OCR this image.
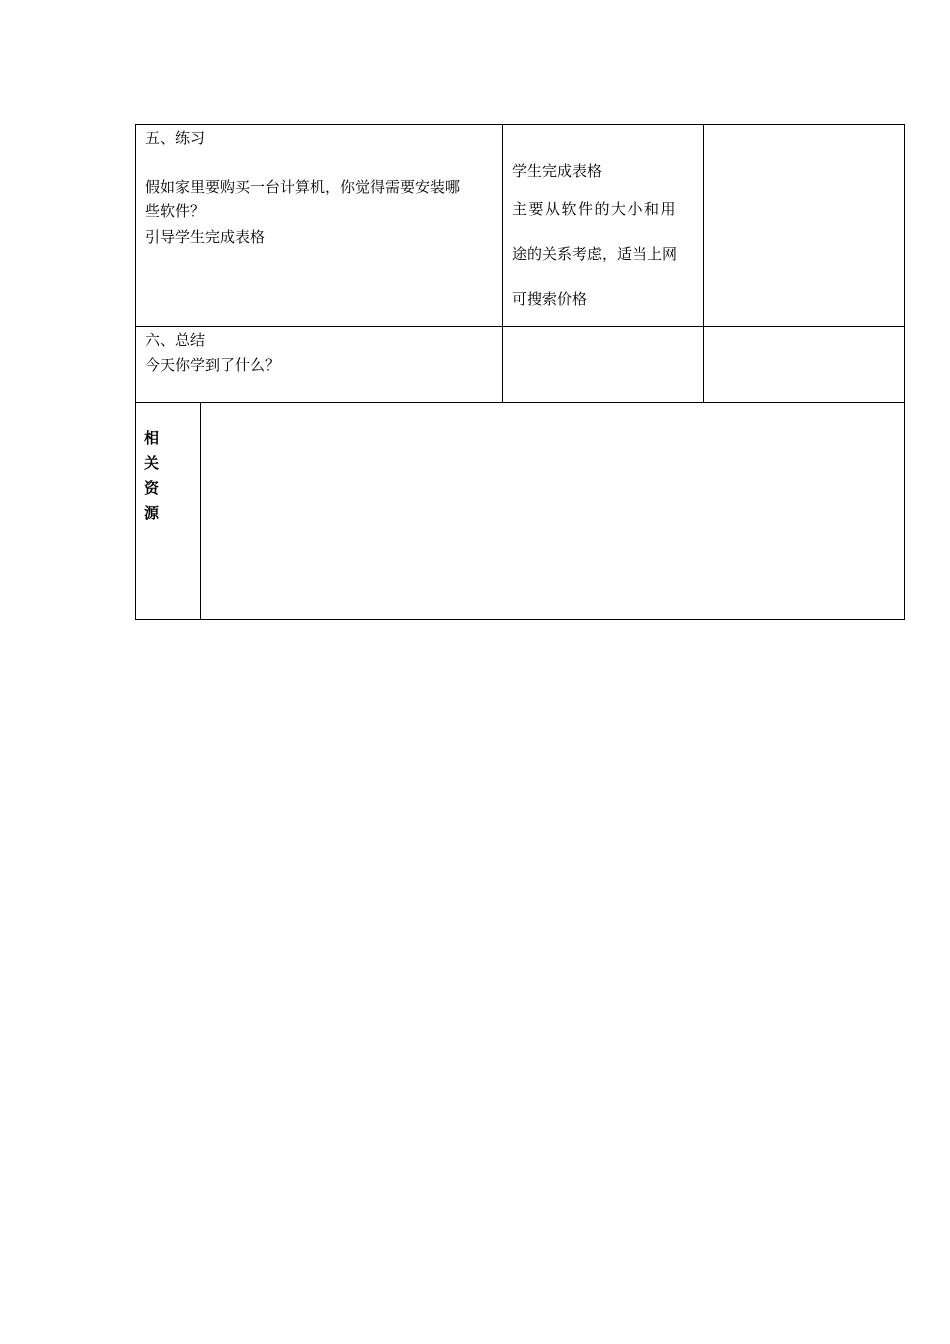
五、练习
假如家里要购买一台计算机，你觉得需要安装哪
些软件？
引导学生完成表格
学生完成表格
主要从软件的大小和用
途的关系考虑，适当上网
可搜索价格
六、总结
今天你学到了什么？
相
关
资
源
